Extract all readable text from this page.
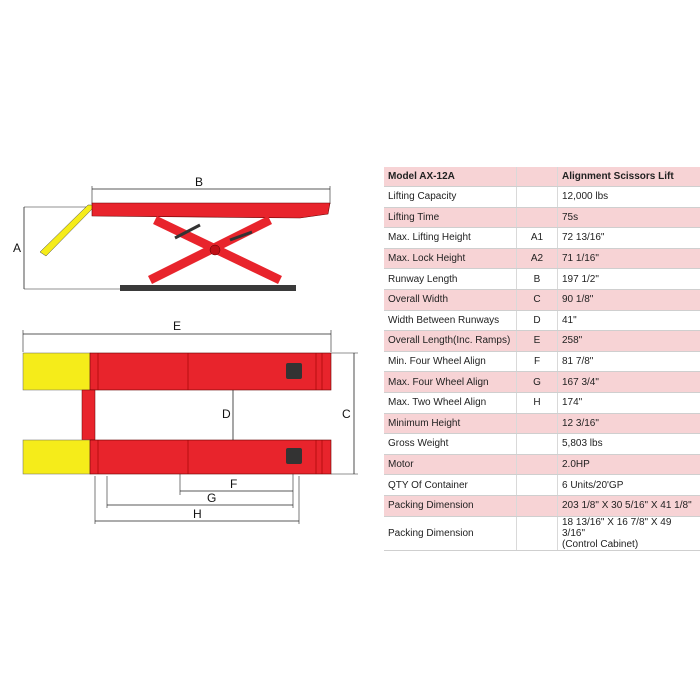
A
B
E
D	C
F
G
H
Model AX-12A		Alignment Scissors Lift
Lifting Capacity		12,000 lbs
Lifting Time		75s
Max. Lifting Height	A1	72 13/16"
Max. Lock Height	A2	71 1/16"
Runway Length	B	197 1/2"
Overall Width	C	90 1/8"
Width Between Runways	D	41"
Overall Length(Inc. Ramps)	E	258"
Min. Four Wheel Align	F	81 7/8"
Max. Four Wheel Align	G	167 3/4"
Max. Two Wheel Align	H	174"
Minimum Height		12 3/16"
Gross Weight		5,803 lbs
Motor		2.0HP
QTY Of Container		6 Units/20'GP
Packing Dimension		203 1/8" X 30 5/16" X 41 1/8"
Packing Dimension		18 13/16" X 16 7/8" X 49 3/16"
(Control Cabinet)
